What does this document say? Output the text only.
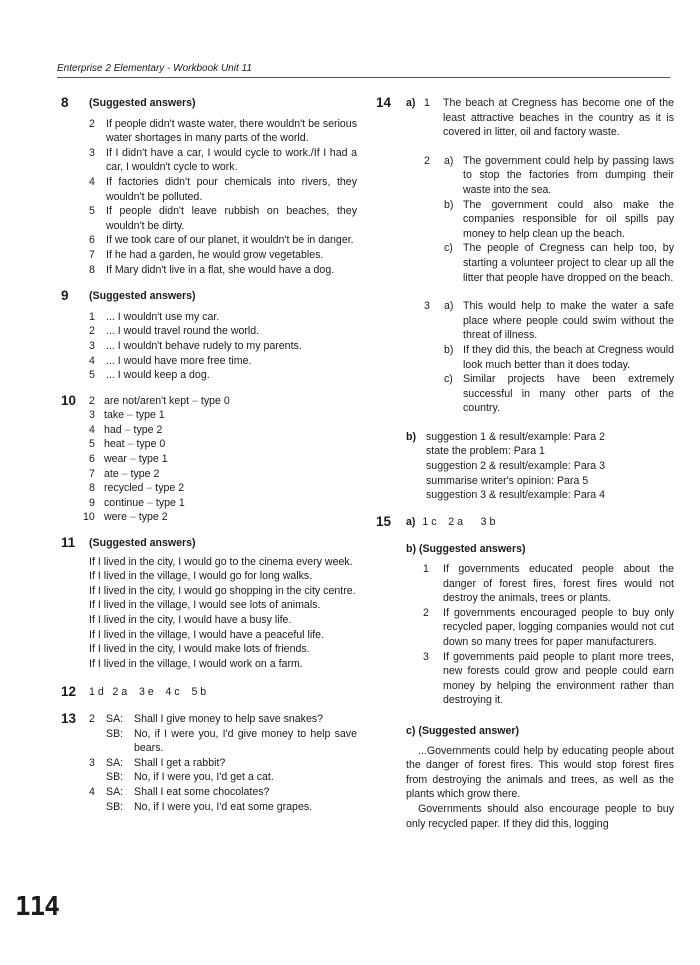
Enterprise 2 Elementary - Workbook Unit 11
8 (Suggested answers)
2 If people didn't waste water, there wouldn't be serious water shortages in many parts of the world.
3 If I didn't have a car, I would cycle to work./If I had a car, I wouldn't cycle to work.
4 If factories didn't pour chemicals into rivers, they wouldn't be polluted.
5 If people didn't leave rubbish on beaches, they wouldn't be dirty.
6 If we took care of our planet, it wouldn't be in danger.
7 If he had a garden, he would grow vegetables.
8 If Mary didn't live in a flat, she would have a dog.
9 (Suggested answers)
1 ... I wouldn't use my car.
2 ... I would travel round the world.
3 ... I wouldn't behave rudely to my parents.
4 ... I would have more free time.
5 ... I would keep a dog.
10 2 are not/aren't kept – type 0
3 take – type 1
4 had – type 2
5 heat – type 0
6 wear – type 1
7 ate – type 2
8 recycled – type 2
9 continue – type 1
10 were – type 2
11 (Suggested answers)
If I lived in the city, I would go to the cinema every week.
If I lived in the village, I would go for long walks.
If I lived in the city, I would go shopping in the city centre.
If I lived in the village, I would see lots of animals.
If I lived in the city, I would have a busy life.
If I lived in the village, I would have a peaceful life.
If I lived in the city, I would make lots of friends.
If I lived in the village, I would work on a farm.
12 1 d   2 a    3 e    4 c    5 b
13 2 SA: Shall I give money to help save snakes?
SB: No, if I were you, I'd give money to help save bears.
3 SA: Shall I get a rabbit?
SB: No, if I were you, I'd get a cat.
4 SA: Shall I eat some chocolates?
SB: No, if I were you, I'd eat some grapes.
14 a) 1 The beach at Cregness has become one of the least attractive beaches in the country as it is covered in litter, oil and factory waste.
2 a) The government could help by passing laws to stop the factories from dumping their waste into the sea.
b) The government could also make the companies responsible for oil spills pay money to help clean up the beach.
c) The people of Cregness can help too, by starting a volunteer project to clear up all the litter that people have dropped on the beach.
3 a) This would help to make the water a safe place where people could swim without the threat of illness.
b) If they did this, the beach at Cregness would look much better than it does today.
c) Similar projects have been extremely successful in many other parts of the country.
b) suggestion 1 & result/example: Para 2
state the problem: Para 1
suggestion 2 & result/example: Para 3
summarise writer's opinion: Para 5
suggestion 3 & result/example: Para 4
15	a) 1 c    2 a      3 b
b) (Suggested answers)
1 If governments educated people about the danger of forest fires, forest fires would not destroy the animals, trees or plants.
2 If governments encouraged people to buy only recycled paper, logging companies would not cut down so many trees for paper manufacturers.
3 If governments paid people to plant more trees, new forests could grow and people could earn money by helping the environment rather than destroying it.
c) (Suggested answer)
...Governments could help by educating people about the danger of forest fires. This would stop forest fires from destroying the animals and trees, as well as the plants which grow there.
Governments should also encourage people to buy only recycled paper. If they did this, logging
114
